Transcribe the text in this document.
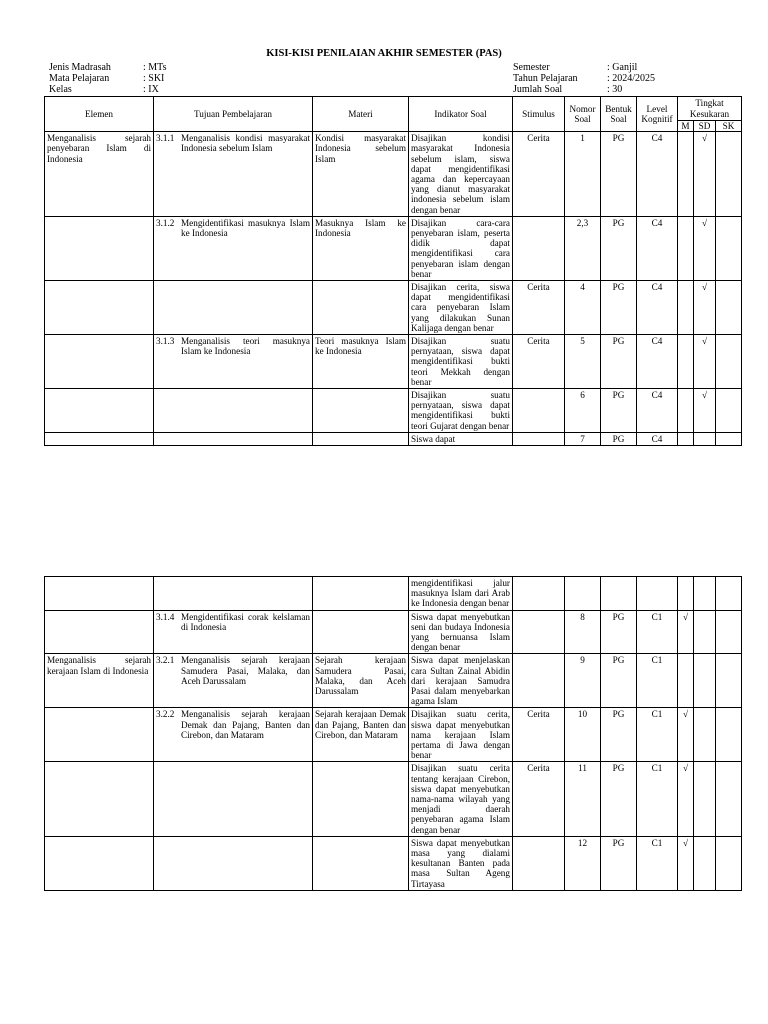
KISI-KISI PENILAIAN AKHIR SEMESTER (PAS)
Jenis Madrasah	: MTs
Mata Pelajaran	: SKI
Kelas	: IX
Semester	: Ganjil
Tahun Pelajaran	: 2024/2025
Jumlah Soal	: 30
Elemen	Tujuan Pembelajaran	Materi	Indikator Soal	Stimulus	Nomor Soal	Bentuk Soal	Level Kognitif	Tingkat Kesukaran		
								M	SD	SK
Menganalisis sejarah penyebaran Islam di Indonesia	3.1.1 Menganalisis kondisi masyarakat Indonesia sebelum Islam	Kondisi masyarakat Indonesia sebelum Islam	Disajikan kondisi masyarakat Indonesia sebelum islam, siswa dapat mengidentifikasi agama dan kepercayaan yang dianut masyarakat indonesia sebelum islam dengan benar	Cerita	1	PG	C4		√	

	3.1.2 Mengidentifikasi masuknya Islam ke Indonesia	Masuknya Islam ke Indonesia	Disajikan cara-cara penyebaran islam, peserta didik dapat mengidentifikasi cara penyebaran islam dengan benar		2,3	PG	C4		√	

		Disajikan cerita, siswa dapat mengidentifikasi cara penyebaran Islam yang dilakukan Sunan Kalijaga dengan benar	Cerita	4	PG	C4		√	

	3.1.3 Menganalisis teori masuknya Islam ke Indonesia	Teori masuknya Islam ke Indonesia	Disajikan suatu pernyataan, siswa dapat mengidentifikasi bukti teori Mekkah dengan benar	Cerita	5	PG	C4		√	

		Disajikan suatu pernyataan, siswa dapat mengidentifikasi bukti teori Gujarat dengan benar		6	PG	C4		√	

		Siswa dapat		7	PG	C4			

		mengidentifikasi jalur masuknya Islam dari Arab ke Indonesia dengan benar							

	3.1.4 Mengidentifikasi corak kelslaman di Indonesia		Siswa dapat menyebutkan seni dan budaya Indonesia yang bernuansa Islam dengan benar		8	PG	C1	√		
Menganalisis sejarah kerajaan Islam di Indonesia	3.2.1 Menganalisis sejarah kerajaan Samudera Pasai, Malaka, dan Aceh Darussalam	Sejarah kerajaan Samudera Pasai, Malaka, dan Aceh Darussalam	Siswa dapat menjelaskan cara Sultan Zainal Abidin dari kerajaan Samudra Pasai dalam menyebarkan agama Islam		9	PG	C1			

	3.2.2 Menganalisis sejarah kerajaan Demak dan Pajang, Banten dan Cirebon, dan Mataram	Sejarah kerajaan Demak dan Pajang, Banten dan Cirebon, dan Mataram	Disajikan suatu cerita, siswa dapat menyebutkan nama kerajaan Islam pertama di Jawa dengan benar	Cerita	10	PG	C1	√		

		Disajikan suatu cerita tentang kerajaan Cirebon, siswa dapat menyebutkan nama-nama wilayah yang menjadi daerah penyebaran agama Islam dengan benar	Cerita	11	PG	C1	√		

		Siswa dapat menyebutkan masa yang dialami kesultanan Banten pada masa Sultan Ageng Tirtayasa		12	PG	C1	√		
